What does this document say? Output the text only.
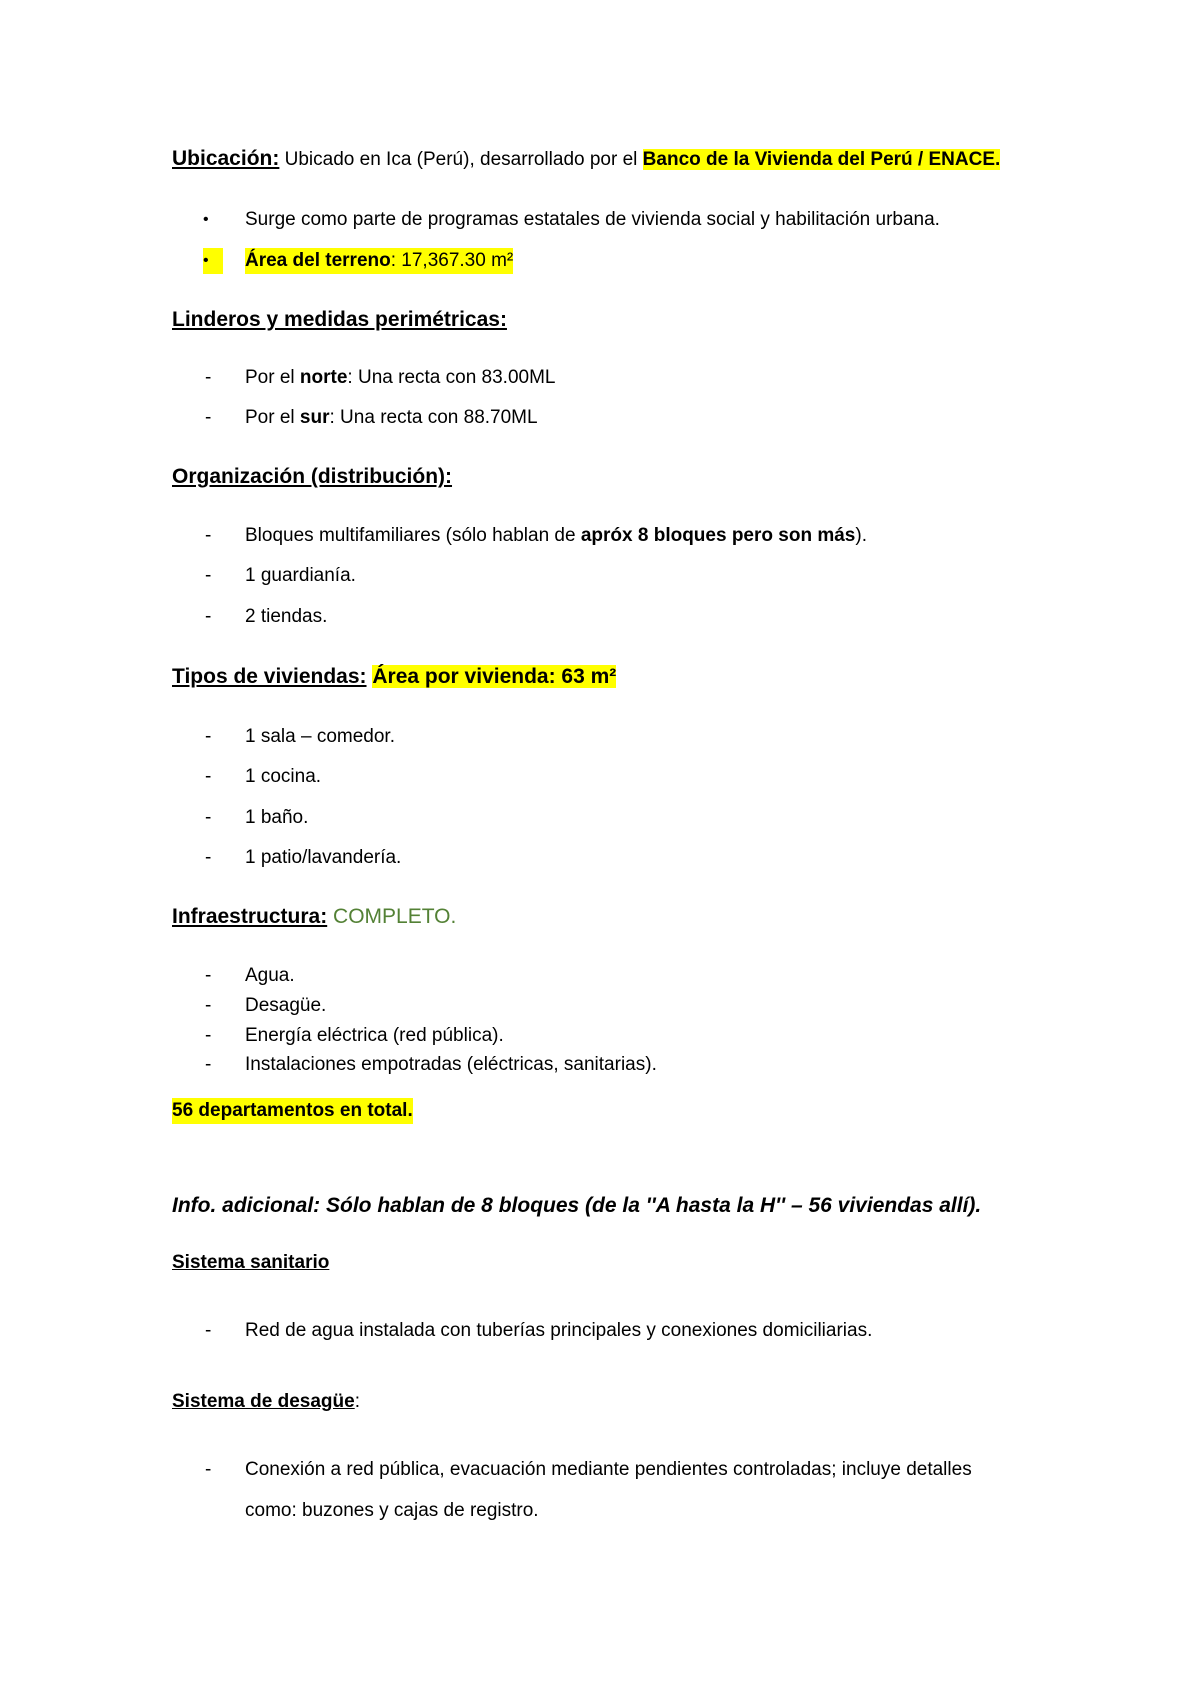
Ubicación: Ubicado en Ica (Perú), desarrollado por el Banco de la Vivienda del Perú / ENACE.
•	Surge como parte de programas estatales de vivienda social y habilitación urbana.
•	Área del terreno: 17,367.30 m²
Linderos y medidas perimétricas:
-	Por el norte: Una recta con 83.00ML
-	Por el sur: Una recta con 88.70ML
Organización (distribución):
-	Bloques multifamiliares (sólo hablan de apróx 8 bloques pero son más).
-	1 guardianía.
-	2 tiendas.
Tipos de viviendas: Área por vivienda: 63 m²
-	1 sala – comedor.
-	1 cocina.
-	1 baño.
-	1 patio/lavandería.
Infraestructura: COMPLETO.
-	Agua.
-	Desagüe.
-	Energía eléctrica (red pública).
-	Instalaciones empotradas (eléctricas, sanitarias).
56 departamentos en total.
Info. adicional: Sólo hablan de 8 bloques (de la ''A hasta la H'' – 56 viviendas allí).
Sistema sanitario
-	Red de agua instalada con tuberías principales y conexiones domiciliarias.
Sistema de desagüe:
-	Conexión a red pública, evacuación mediante pendientes controladas; incluye detalles
como: buzones y cajas de registro.
